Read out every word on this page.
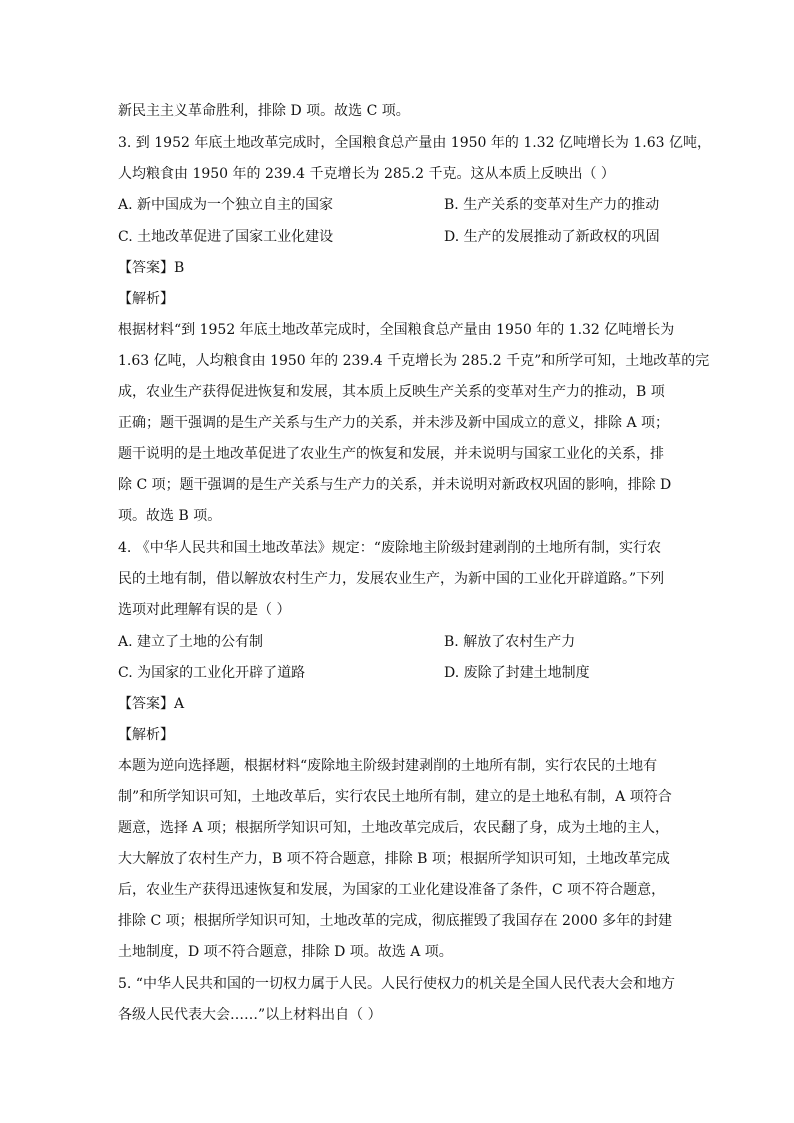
新民主主义革命胜利，排除 D 项。故选 C 项。
3. 到 1952 年底土地改革完成时，全国粮食总产量由 1950 年的 1.32 亿吨增长为 1.63 亿吨，
人均粮食由 1950 年的 239.4 千克增长为 285.2 千克。这从本质上反映出（ ）
A. 新中国成为一个独立自主的国家	B. 生产关系的变革对生产力的推动
C. 土地改革促进了国家工业化建设	D. 生产的发展推动了新政权的巩固
【答案】B
【解析】
根据材料“到 1952 年底土地改革完成时，全国粮食总产量由 1950 年的 1.32 亿吨增长为
1.63 亿吨，人均粮食由 1950 年的 239.4 千克增长为 285.2 千克”和所学可知，土地改革的完
成，农业生产获得促进恢复和发展，其本质上反映生产关系的变革对生产力的推动，B 项
正确；题干强调的是生产关系与生产力的关系，并未涉及新中国成立的意义，排除 A 项；
题干说明的是土地改革促进了农业生产的恢复和发展，并未说明与国家工业化的关系，排
除 C 项；题干强调的是生产关系与生产力的关系，并未说明对新政权巩固的影响，排除 D
项。故选 B 项。
4. 《中华人民共和国土地改革法》规定：“废除地主阶级封建剥削的土地所有制，实行农
民的土地有制，借以解放农村生产力，发展农业生产，为新中国的工业化开辟道路。”下列
选项对此理解有误的是（ ）
A. 建立了土地的公有制	B. 解放了农村生产力
C. 为国家的工业化开辟了道路	D. 废除了封建土地制度
【答案】A
【解析】
本题为逆向选择题，根据材料“废除地主阶级封建剥削的土地所有制，实行农民的土地有
制”和所学知识可知，土地改革后，实行农民土地所有制，建立的是土地私有制，A 项符合
题意，选择 A 项；根据所学知识可知，土地改革完成后，农民翻了身，成为土地的主人，
大大解放了农村生产力，B 项不符合题意，排除 B 项；根据所学知识可知，土地改革完成
后，农业生产获得迅速恢复和发展，为国家的工业化建设准备了条件，C 项不符合题意，
排除 C 项；根据所学知识可知，土地改革的完成，彻底摧毁了我国存在 2000 多年的封建
土地制度，D 项不符合题意，排除 D 项。故选 A 项。
5. “中华人民共和国的一切权力属于人民。人民行使权力的机关是全国人民代表大会和地方
各级人民代表大会……”以上材料出自（ ）
